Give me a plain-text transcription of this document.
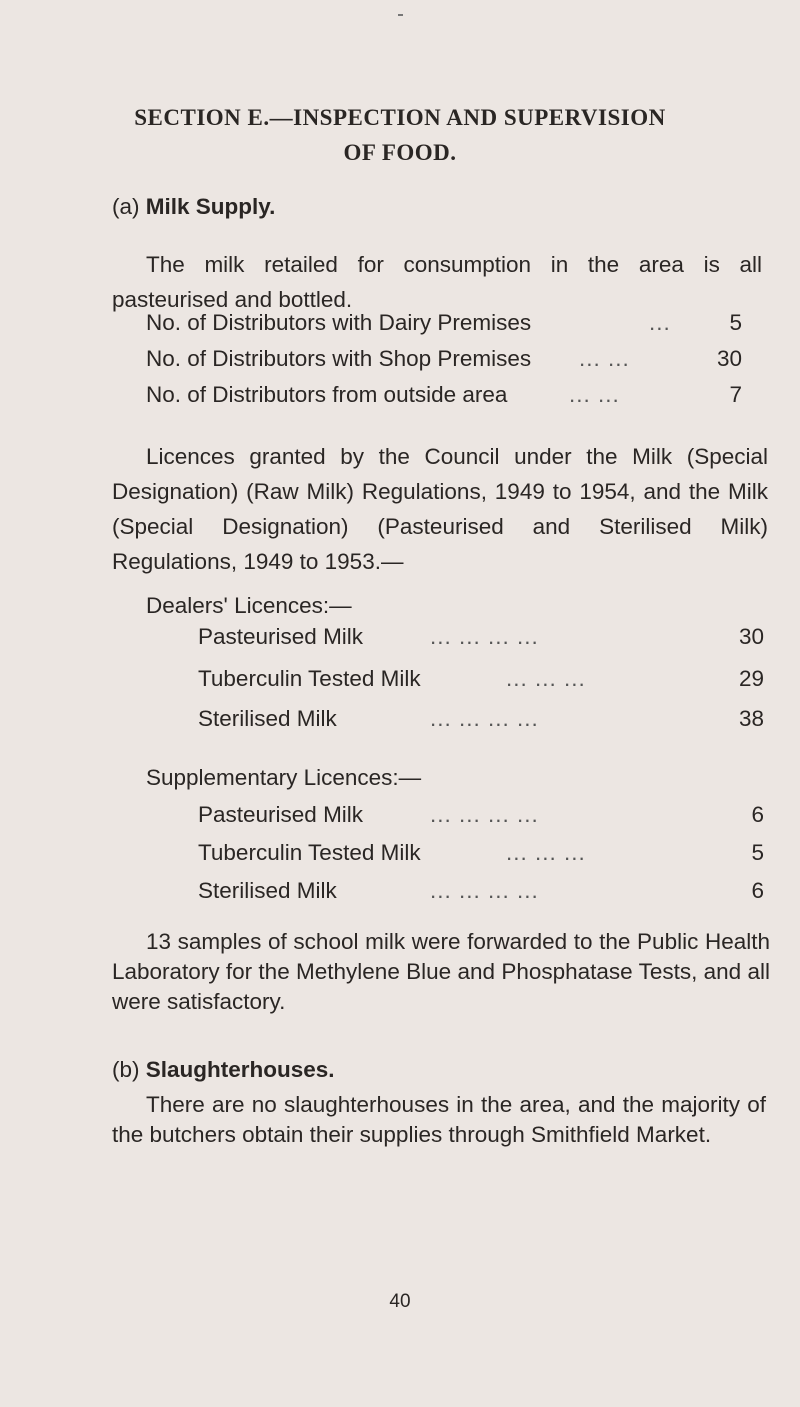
SECTION E.—INSPECTION AND SUPERVISION
OF FOOD.
(a) Milk Supply.

The milk retailed for consumption in the area is all pasteurised and bottled.

No. of Distributors with Dairy Premises	...	5
No. of Distributors with Shop Premises ... ...	30
No. of Distributors from outside area	... ...	7

Licences granted by the Council under the Milk (Special Designation) (Raw Milk) Regulations, 1949 to 1954, and the Milk (Special Designation) (Pasteurised and Sterilised Milk) Regulations, 1949 to 1953.—

Dealers' Licences:—
Pasteurised Milk	... ... ... ...	30
Tuberculin Tested Milk	... ... ...	29
Sterilised Milk	... ... ... ...	38
Supplementary Licences:—
Pasteurised Milk	... ... ... ...	6
Tuberculin Tested Milk	... ... ...	5
Sterilised Milk	... ... ... ...	6

13 samples of school milk were forwarded to the Public Health Laboratory for the Methylene Blue and Phosphatase Tests, and all were satisfactory.

(b) Slaughterhouses.

There are no slaughterhouses in the area, and the majority of the butchers obtain their supplies through Smithfield Market.

40
